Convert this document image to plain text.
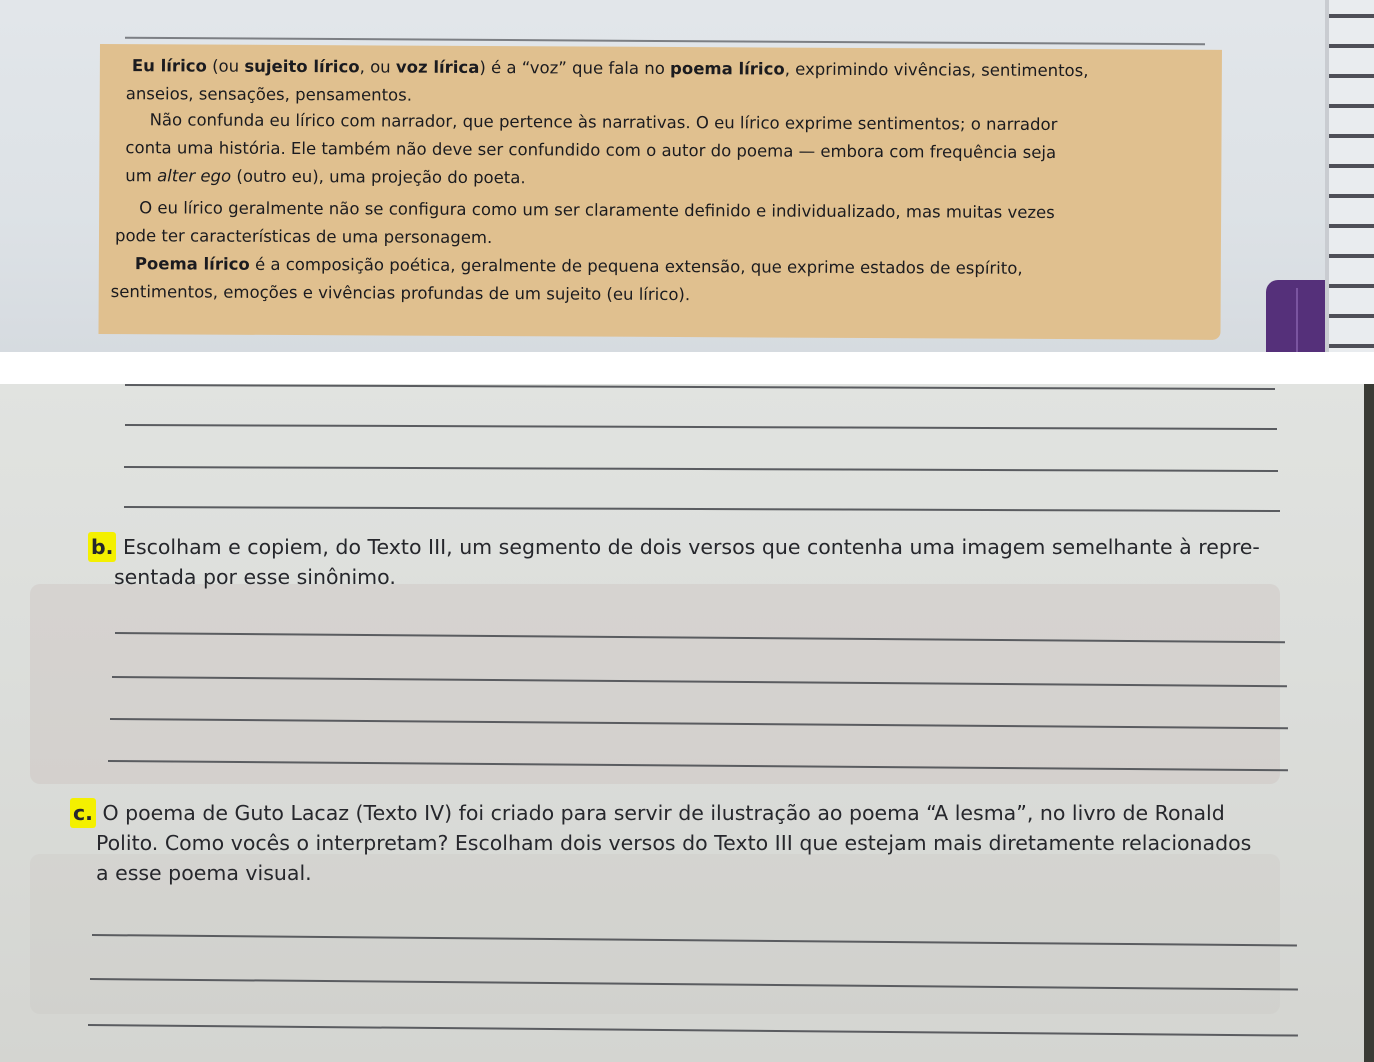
Eu lírico (ou sujeito lírico, ou voz lírica) é a “voz” que fala no poema lírico, exprimindo vivências, sentimentos,
anseios, sensações, pensamentos.

Não confunda eu lírico com narrador, que pertence às narrativas. O eu lírico exprime sentimentos; o narrador
conta uma história. Ele também não deve ser confundido com o autor do poema — embora com frequência seja
um alter ego (outro eu), uma projeção do poeta.

O eu lírico geralmente não se configura como um ser claramente definido e individualizado, mas muitas vezes
pode ter características de uma personagem.

Poema lírico é a composição poética, geralmente de pequena extensão, que exprime estados de espírito,
sentimentos, emoções e vivências profundas de um sujeito (eu lírico).

b. Escolham e copiem, do Texto III, um segmento de dois versos que contenha uma imagem semelhante à repre-
sentada por esse sinônimo.
c. O poema de Guto Lacaz (Texto IV) foi criado para servir de ilustração ao poema “A lesma”, no livro de Ronald
Polito. Como vocês o interpretam? Escolham dois versos do Texto III que estejam mais diretamente relacionados
a esse poema visual.
